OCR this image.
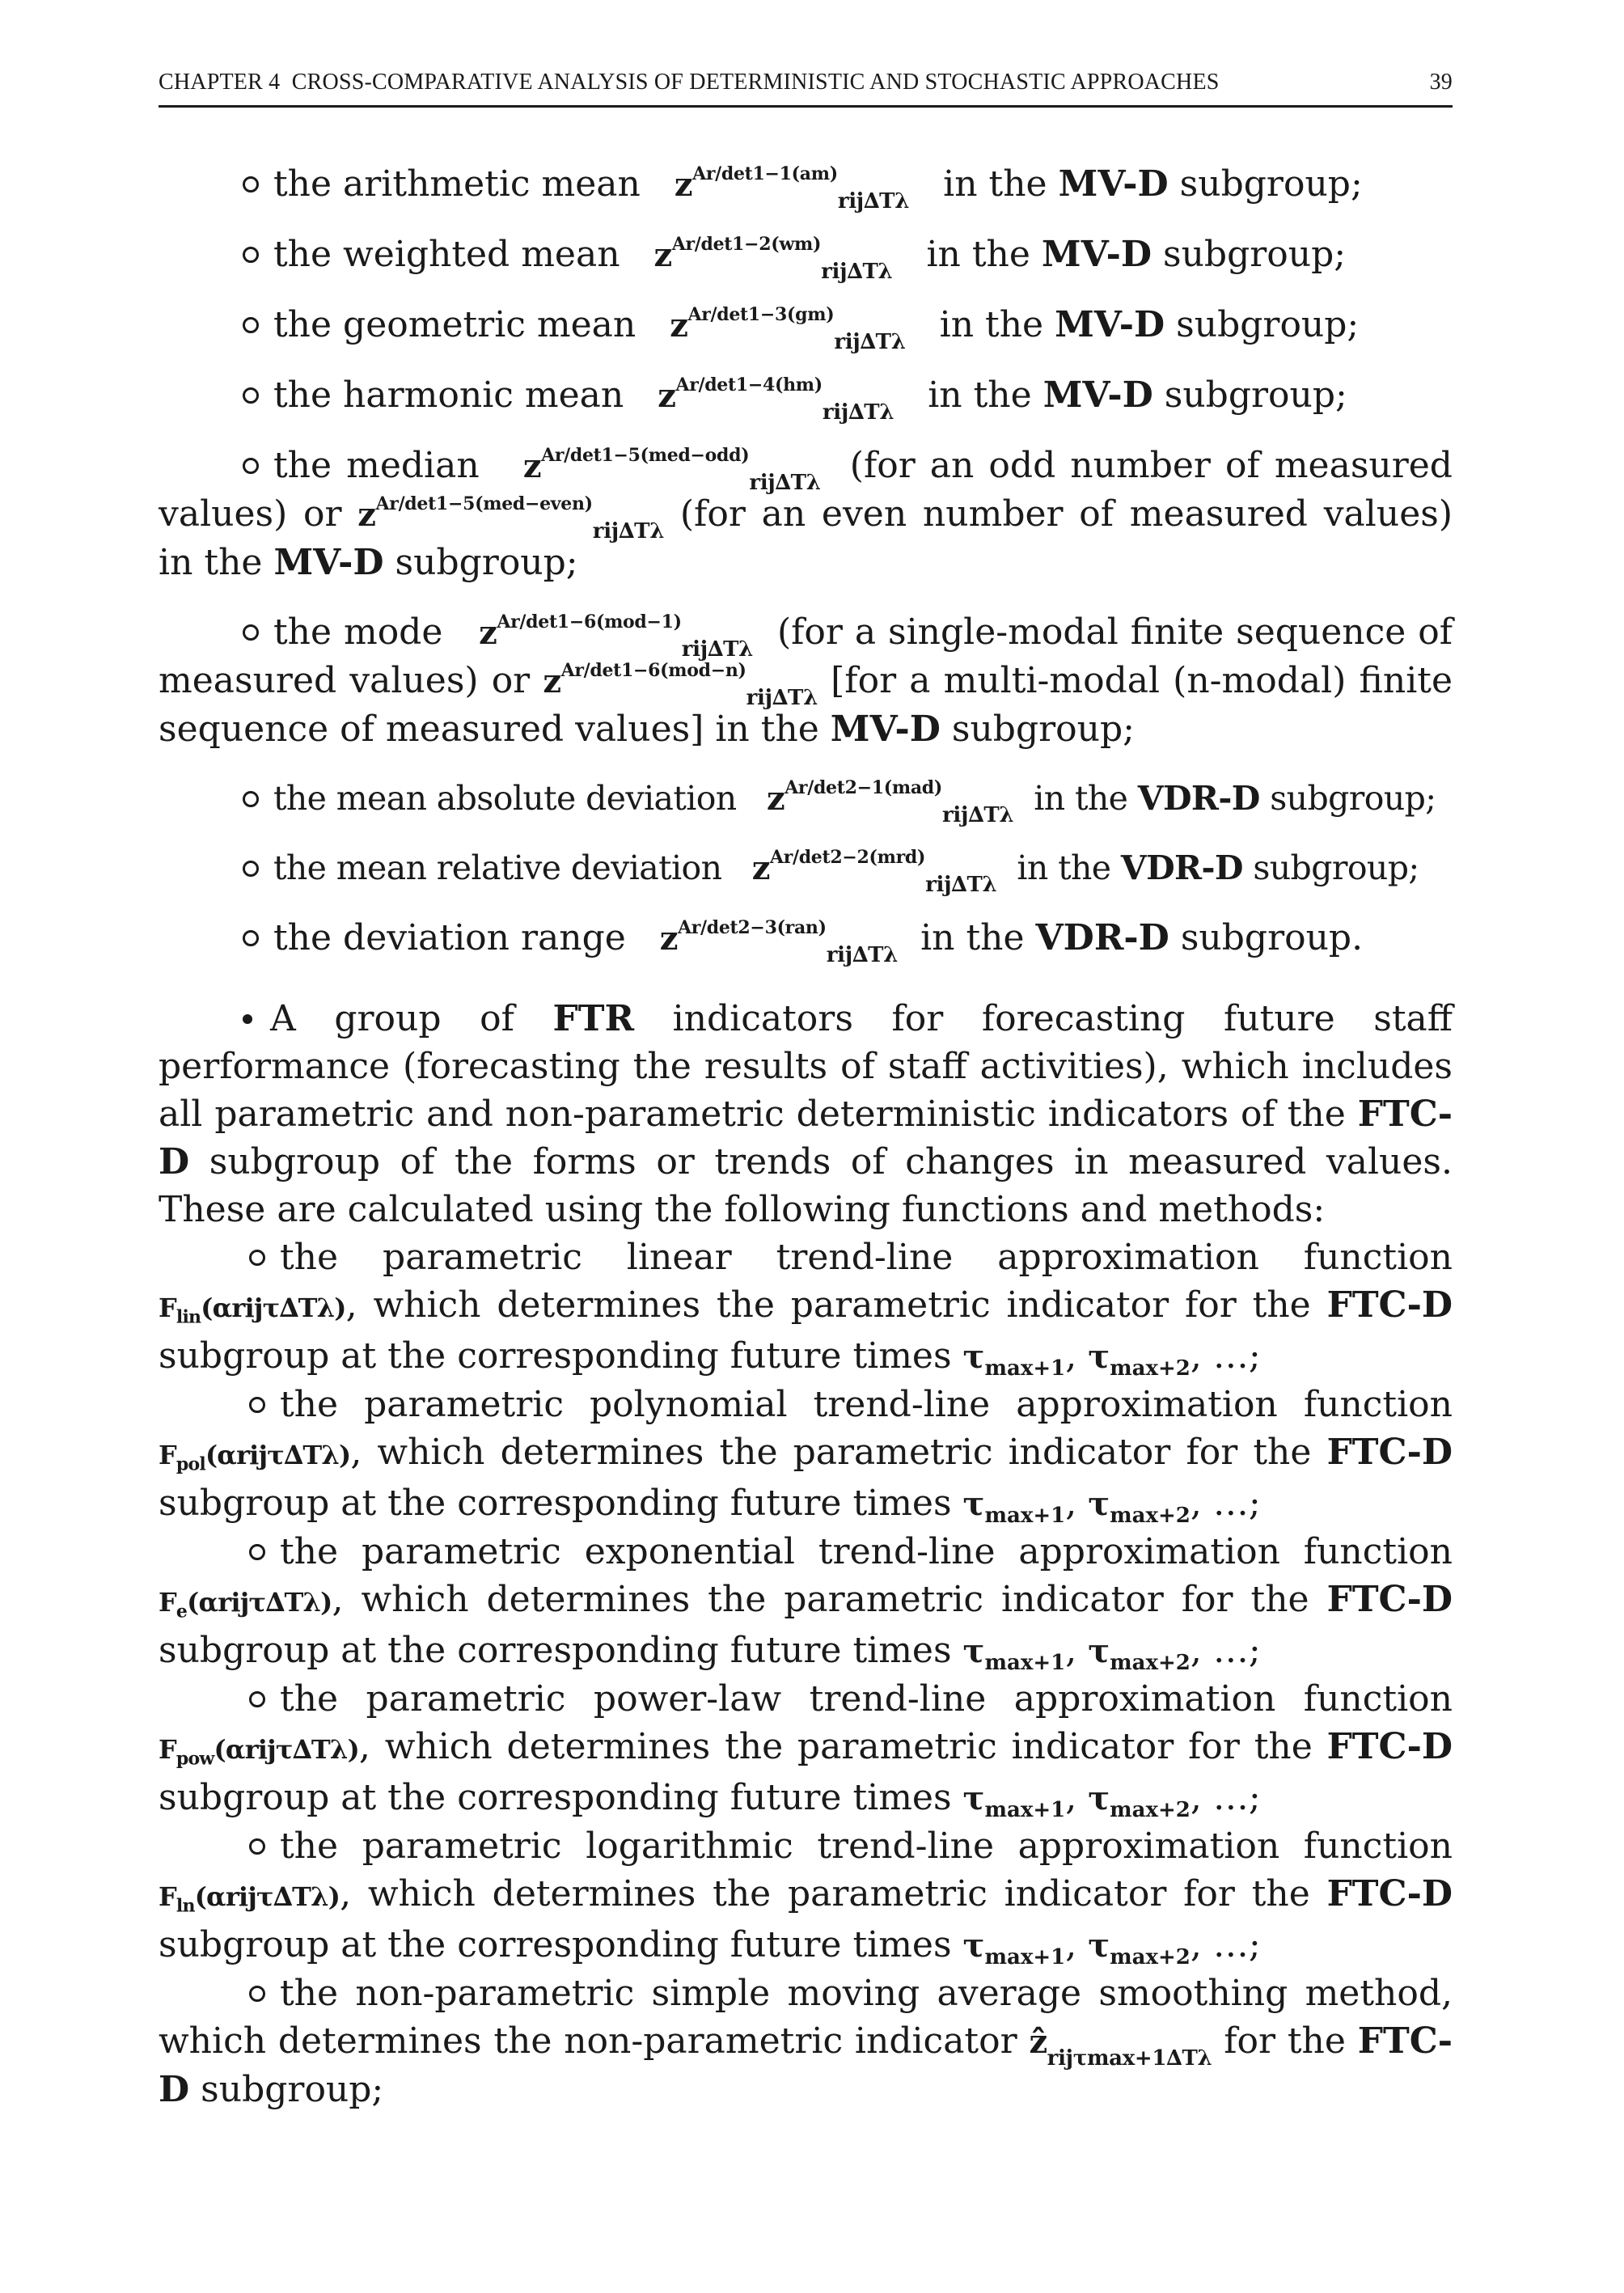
CHAPTER 4 CROSS-COMPARATIVE ANALYSIS OF DETERMINISTIC AND STOCHASTIC APPROACHES	39

the arithmetic mean $z^{Ar/det1-1(am)}_{rij\Delta T\lambda}$ in the MV-D subgroup;

the weighted mean $z^{Ar/det1-2(wm)}_{rij\Delta T\lambda}$ in the MV-D subgroup;

the geometric mean $z^{Ar/det1-3(gm)}_{rij\Delta T\lambda}$ in the MV-D subgroup;

the harmonic mean $z^{Ar/det1-4(hm)}_{rij\Delta T\lambda}$ in the MV-D subgroup;

the median $z^{Ar/det1-5(med-odd)}_{rij\Delta T\lambda}$ (for an odd number of measured values) or $z^{Ar/det1-5(med-even)}_{rij\Delta T\lambda}$ (for an even number of measured values) in the MV-D subgroup;

the mode $z^{Ar/det1-6(mod-1)}_{rij\Delta T\lambda}$ (for a single-modal finite sequence of measured values) or $z^{Ar/det1-6(mod-n)}_{rij\Delta T\lambda}$ [for a multi-modal (n-modal) finite sequence of measured values] in the MV-D subgroup;

the mean absolute deviation $z^{Ar/det2-1(mad)}_{rij\Delta T\lambda}$ in the VDR-D subgroup;

the mean relative deviation $z^{Ar/det2-2(mrd)}_{rij\Delta T\lambda}$ in the VDR-D subgroup;

the deviation range $z^{Ar/det2-3(ran)}_{rij\Delta T\lambda}$ in the VDR-D subgroup.

A group of FTR indicators for forecasting future staff performance (forecasting the results of staff activities), which includes all parametric and non-parametric deterministic indicators of the FTC-D subgroup of the forms or trends of changes in measured values. These are calculated using the following functions and methods:

the parametric linear trend-line approximation function $F_{lin}(\alpha rij\tau\Delta T\lambda)$, which determines the parametric indicator for the FTC-D subgroup at the corresponding future times $\tau_{max+1}$, $\tau_{max+2}$, …;

the parametric polynomial trend-line approximation function $F_{pol}(\alpha rij\tau\Delta T\lambda)$, which determines the parametric indicator for the FTC-D subgroup at the corresponding future times $\tau_{max+1}$, $\tau_{max+2}$, …;

the parametric exponential trend-line approximation function $F_e(\alpha rij\tau\Delta T\lambda)$, which determines the parametric indicator for the FTC-D subgroup at the corresponding future times $\tau_{max+1}$, $\tau_{max+2}$, …;

the parametric power-law trend-line approximation function $F_{pow}(\alpha rij\tau\Delta T\lambda)$, which determines the parametric indicator for the FTC-D subgroup at the corresponding future times $\tau_{max+1}$, $\tau_{max+2}$, …;

the parametric logarithmic trend-line approximation function $F_{ln}(\alpha rij\tau\Delta T\lambda)$, which determines the parametric indicator for the FTC-D subgroup at the corresponding future times $\tau_{max+1}$, $\tau_{max+2}$, …;

the non-parametric simple moving average smoothing method, which determines the non-parametric indicator ẑ$_{rij\tau max+1\Delta T\lambda}$ for the FTC-D subgroup;
